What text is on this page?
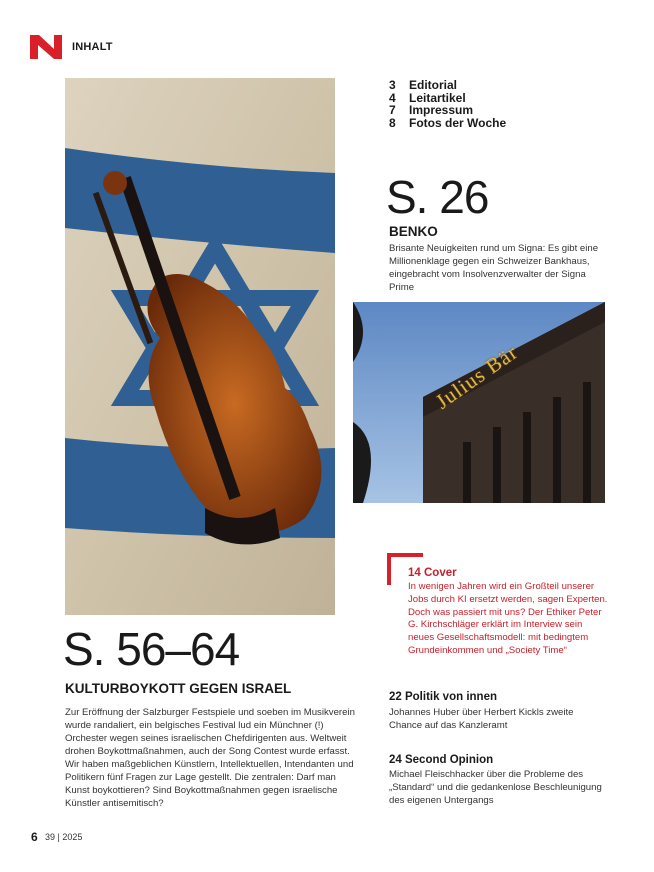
INHALT
3	Editorial
4	Leitartikel
7	Impressum
8	Fotos der Woche
S. 26
BENKO
Brisante Neuigkeiten rund um Signa: Es gibt eine Millionenklage gegen ein Schweizer Bankhaus, eingebracht vom Insolvenzverwalter der Signa Prime
Julius Bär
14 Cover
In wenigen Jahren wird ein Großteil unserer Jobs durch KI ersetzt werden, sagen Experten. Doch was passiert mit uns? Der Ethiker Peter G. Kirchschläger erklärt im Interview sein neues Gesellschaftsmodell: mit bedingtem Grundeinkommen und „Society Time“
22 Politik von innen
Johannes Huber über Herbert Kickls zweite Chance auf das Kanzleramt
24 Second Opinion
Michael Fleischhacker über die Probleme des „Standard“ und die gedankenlose Beschleunigung des eigenen Untergangs
S. 56–64
KULTURBOYKOTT GEGEN ISRAEL
Zur Eröffnung der Salzburger Festspiele und soeben im Musikverein wurde randaliert, ein belgisches Festival lud ein Münchner (!) Orchester wegen seines israelischen Chefdirigenten aus. Weltweit drohen Boykottmaßnahmen, auch der Song Contest wurde erfasst. Wir haben maßgeblichen Künstlern, Intellektuellen, Intendanten und Politikern fünf Fragen zur Lage gestellt. Die zentralen: Darf man Kunst boykottieren? Sind Boykottmaßnahmen gegen israelische Künstler antisemitisch?
6 39 | 2025
